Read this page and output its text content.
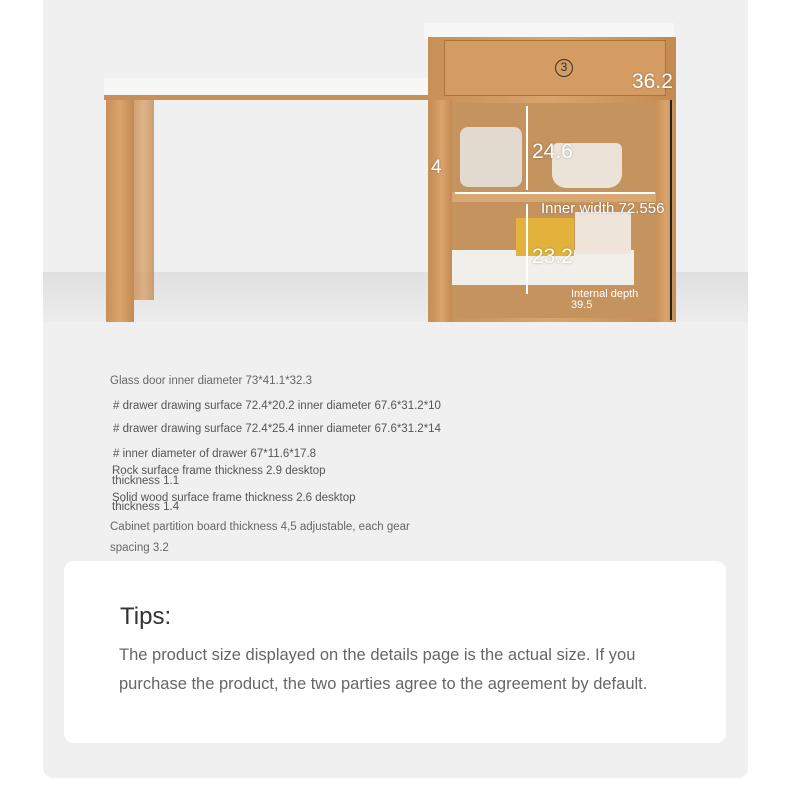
3
36.2
24.6
23.2
4
Inner width 72.556
Internal depth
39.5
Glass door inner diameter 73*41.1*32.3
# drawer drawing surface 72.4*20.2 inner diameter 67.6*31.2*10
# drawer drawing surface 72.4*25.4 inner diameter 67.6*31.2*14
# inner diameter of drawer 67*11.6*17.8
Rock surface frame thickness 2.9 desktop
thickness 1.1
Solid wood surface frame thickness 2.6 desktop
thickness 1.4
Cabinet partition board thickness 4,5 adjustable, each gear
spacing 3.2
Tips:

The product size displayed on the details page is the actual size. If you purchase the product, the two parties agree to the agreement by default.
